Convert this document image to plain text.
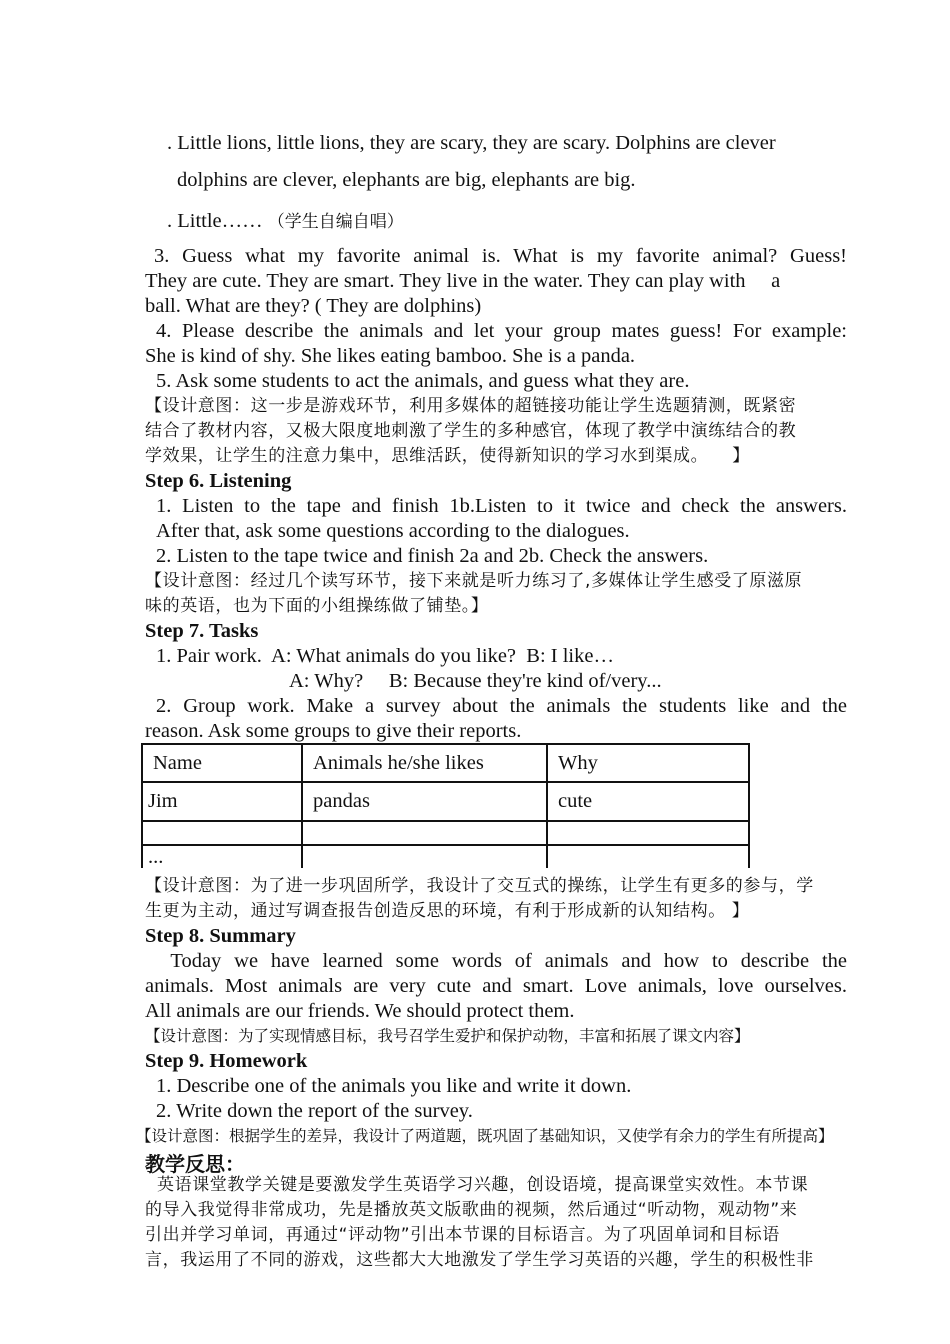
. Little lions, little lions, they are scary, they are scary. Dolphins are clever
dolphins are clever, elephants are big, elephants are big.
. Little…… （学生自编自唱）
3. Guess what my favorite animal is. What is my favorite animal? Guess!
They are cute. They are smart. They live in the water. They can play with     a
ball. What are they? ( They are dolphins)
4. Please describe the animals and let your group mates guess! For example:
She is kind of shy. She likes eating bamboo. She is a panda.
5. Ask some students to act the animals, and guess what they are.
【设计意图：这一步是游戏环节，利用多媒体的超链接功能让学生选题猜测，既紧密
结合了教材内容，又极大限度地刺激了学生的多种感官，体现了教学中演练结合的教
学效果，让学生的注意力集中，思维活跃，使得新知识的学习水到渠成。    】
Step 6. Listening
1. Listen to the tape and finish 1b.Listen to it twice and check the answers.
After that, ask some questions according to the dialogues.
2. Listen to the tape twice and finish 2a and 2b. Check the answers.
【设计意图：经过几个读写环节，接下来就是听力练习了,多媒体让学生感受了原滋原
味的英语，也为下面的小组操练做了铺垫。】
Step 7. Tasks
1. Pair work.  A: What animals do you like?  B: I like…
A: Why?     B: Because they're kind of/very...
2. Group work. Make a survey about the animals the students like and the
reason. Ask some groups to give their reports.
Name	Animals he/she likes	Why
Jim	pandas	cute

...		
【设计意图：为了进一步巩固所学，我设计了交互式的操练，让学生有更多的参与，学
生更为主动，通过写调查报告创造反思的环境，有利于形成新的认知结构。 】
Step 8. Summary
Today we have learned some words of animals and how to describe the
animals. Most animals are very cute and smart. Love animals, love ourselves.
All animals are our friends. We should protect them.
【设计意图：为了实现情感目标，我号召学生爱护和保护动物，丰富和拓展了课文内容】
Step 9. Homework
1. Describe one of the animals you like and write it down.
2. Write down the report of the survey.
【设计意图：根据学生的差异，我设计了两道题，既巩固了基础知识，又使学有余力的学生有所提高】
教学反思：
英语课堂教学关键是要激发学生英语学习兴趣，创设语境，提高课堂实效性。本节课
的导入我觉得非常成功，先是播放英文版歌曲的视频，然后通过“听动物，观动物”来
引出并学习单词，再通过“评动物”引出本节课的目标语言。为了巩固单词和目标语
言，我运用了不同的游戏，这些都大大地激发了学生学习英语的兴趣，学生的积极性非
